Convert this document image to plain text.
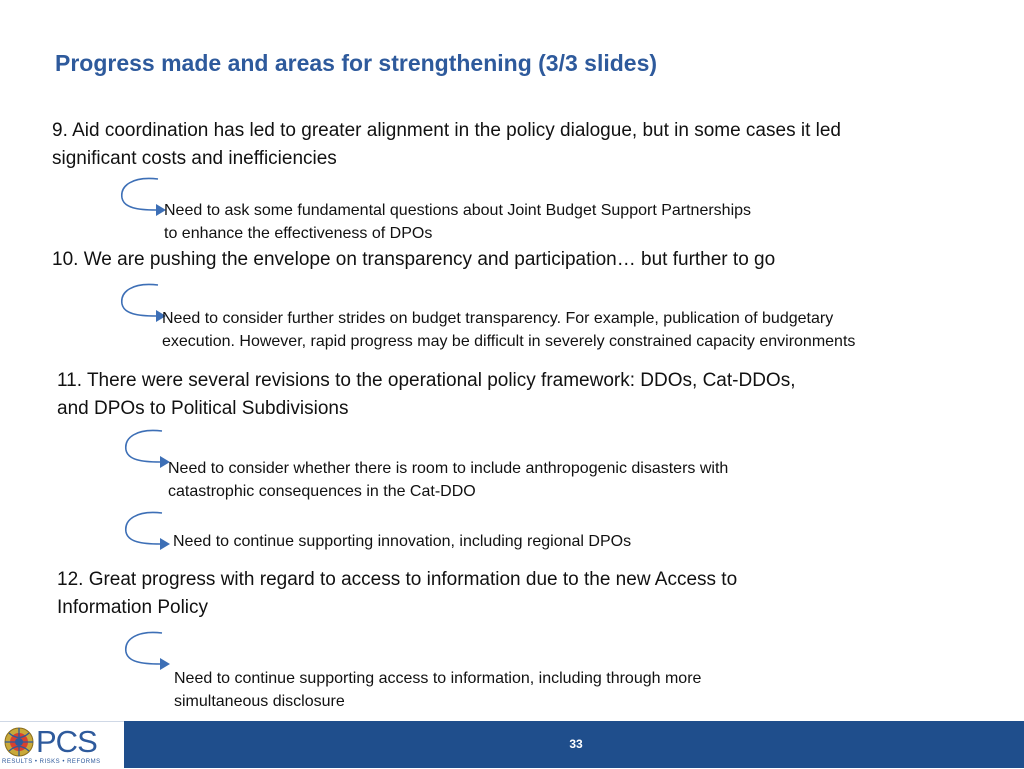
Progress made and areas for strengthening (3/3 slides)
9. Aid coordination has led to greater alignment in the policy dialogue, but in some cases it led
significant costs and inefficiencies
Need to ask some fundamental questions about Joint Budget Support Partnerships
to enhance the effectiveness of DPOs
10. We are pushing the envelope on transparency and participation… but further to go
Need to consider further strides on budget transparency. For example, publication of budgetary
execution. However, rapid progress may be difficult in severely constrained capacity environments
11. There were several revisions to the operational policy framework: DDOs, Cat-DDOs,
and DPOs to Political Subdivisions
Need to consider whether there is room to include anthropogenic disasters with
catastrophic consequences in the Cat-DDO
Need to continue supporting innovation, including regional DPOs
12. Great progress with regard to access to information due to the new Access to
Information Policy
Need to continue supporting access to information, including through more
simultaneous disclosure
PCS
RESULTS • RISKS • REFORMS
33
